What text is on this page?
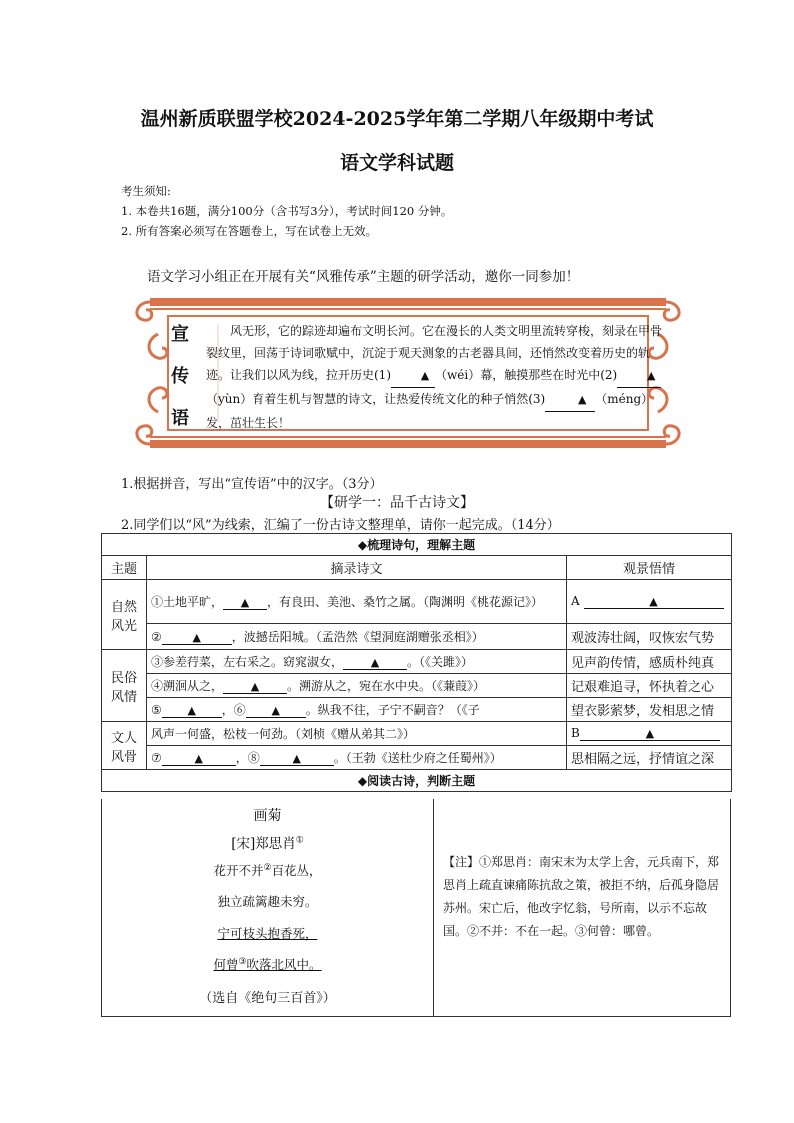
温州新质联盟学校2024-2025学年第二学期八年级期中考试
语文学科试题
考生须知:
1. 本卷共16题，满分100分（含书写3分），考试时间120 分钟。
2. 所有答案必须写在答题卷上，写在试卷上无效。
语文学习小组正在开展有关“风雅传承”主题的研学活动，邀你一同参加！
宣
传
语
风无形，它的踪迹却遍布文明长河。它在漫长的人类文明里流转穿梭，刻录在甲骨裂纹里，回荡于诗词歌赋中，沉淀于观天测象的古老器具间，还悄然改变着历史的轨迹。让我们以风为线，拉开历史(1)	▲ （wéi）幕，触摸那些在时光中(2)	▲（yùn）育着生机与智慧的诗文，让热爱传统文化的种子悄然(3)	▲ （méng）发，茁壮生长！
1.根据拼音，写出“宣传语”中的汉字。（3分）
【研学一：品千古诗文】
2.同学们以“风”为线索，汇编了一份古诗文整理单，请你一起完成。（14分）
◆梳理诗句，理解主题		
主题	摘录诗文	观景悟情
自然风光	①土地平旷， ▲ ，有良田、美池、桑竹之属。（陶渊明《桃花源记》）	A ▲
	② ▲ ，波撼岳阳城。（孟浩然《望洞庭湖赠张丞相》）	观波涛壮阔，叹恢宏气势
民俗风情	③参差荇菜，左右采之。窈窕淑女， ▲ 。（《关雎》）	见声韵传情，感质朴纯真
	④溯洄从之， ▲ 。溯游从之，宛在水中央。（《蒹葭》）	记艰难追寻，怀执着之心
	⑤ ▲ ，⑥ ▲ 。纵我不往，子宁不嗣音？（《子	望衣影萦梦，发相思之情
文人风骨	风声一何盛，松枝一何劲。（刘桢《赠从弟其二》）	B ▲
	⑦ ▲ ，⑧ ▲ 。（王勃《送杜少府之任蜀州》）	思相隔之远，抒情谊之深
◆阅读古诗，判断主题		
画菊
[宋]郑思肖①
花开不并②百花丛，
独立疏篱趣未穷。
宁可枝头抱香死，
何曾③吹落北风中。
（选自《绝句三百首》）
【注】①郑思肖：南宋末为太学上舍，元兵南下，郑思肖上疏直谏痛陈抗敌之策，被拒不纳，后孤身隐居苏州。宋亡后，他改字忆翁，号所南，以示不忘故国。②不并：不在一起。③何曾：哪曾。
